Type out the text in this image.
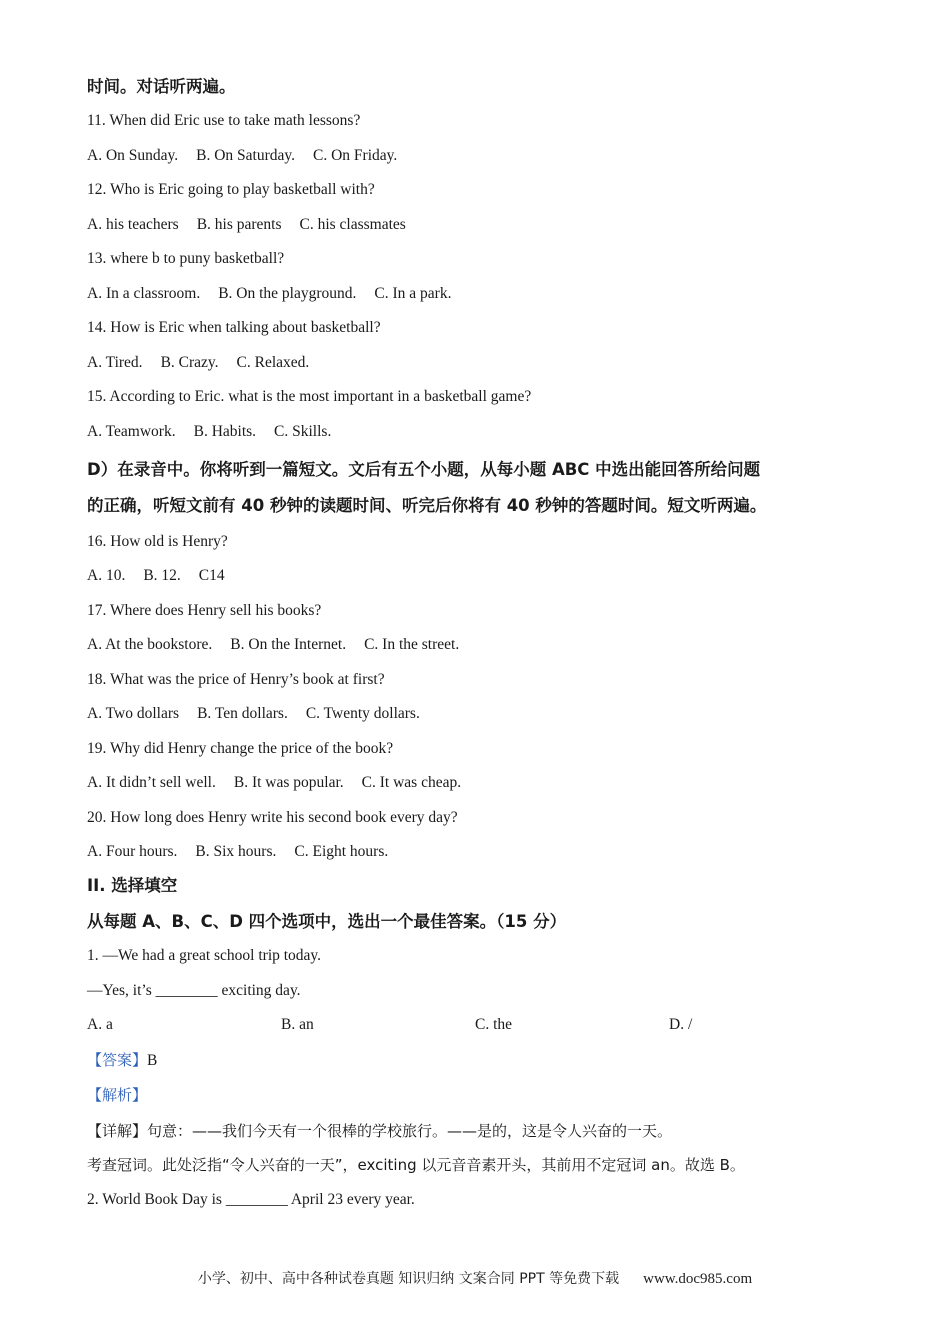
时间。对话听两遍。
11. When did Eric use to take math lessons?
A. On Sunday. B. On Saturday. C. On Friday.
12. Who is Eric going to play basketball with?
A. his teachers B. his parents C. his classmates
13. where b to puny basketball?
A. In a classroom. B. On the playground. C. In a park.
14. How is Eric when talking about basketball?
A. Tired. B. Crazy. C. Relaxed.
15. According to Eric. what is the most important in a basketball game?
A. Teamwork. B. Habits. C. Skills.
D）在录音中。你将听到一篇短文。文后有五个小题，从每小题 ABC 中选出能回答所给问题
的正确，听短文前有 40 秒钟的读题时间、听完后你将有 40 秒钟的答题时间。短文听两遍。
16. How old is Henry?
A. 10. B. 12. C14
17. Where does Henry sell his books?
A. At the bookstore. B. On the Internet. C. In the street.
18. What was the price of Henry’s book at first?
A. Two dollars B. Ten dollars. C. Twenty dollars.
19. Why did Henry change the price of the book?
A. It didn’t sell well. B. It was popular. C. It was cheap.
20. How long does Henry write his second book every day?
A. Four hours. B. Six hours. C. Eight hours.
II. 选择填空
从每题 A、B、C、D 四个选项中，选出一个最佳答案。（15 分）
1. —We had a great school trip today.
—Yes, it’s ________ exciting day.
A. a	B. an	C. the	D. /
【答案】B
【解析】
【详解】句意：——我们今天有一个很棒的学校旅行。——是的，这是令人兴奋的一天。
考查冠词。此处泛指“令人兴奋的一天”，exciting 以元音音素开头，其前用不定冠词 an。故选 B。
2. World Book Day is ________ April 23 every year.
小学、初中、高中各种试卷真题 知识归纳 文案合同 PPT 等免费下载 www.doc985.com
